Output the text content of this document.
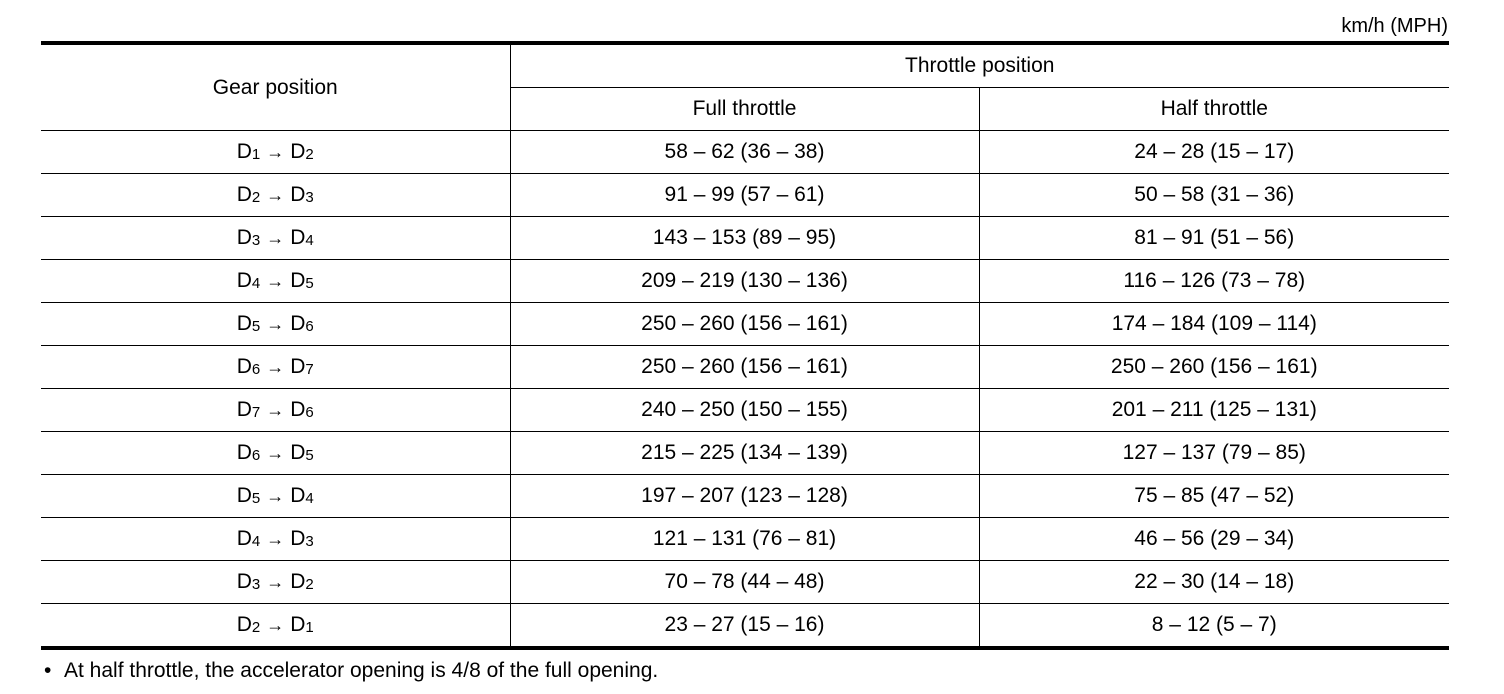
km/h (MPH)
Gear position	Throttle position	
	Full throttle	Half throttle
D1 → D2	58 – 62 (36 – 38)	24 – 28 (15 – 17)
D2 → D3	91 – 99 (57 – 61)	50 – 58 (31 – 36)
D3 → D4	143 – 153 (89 – 95)	81 – 91 (51 – 56)
D4 → D5	209 – 219 (130 – 136)	116 – 126 (73 – 78)
D5 → D6	250 – 260 (156 – 161)	174 – 184 (109 – 114)
D6 → D7	250 – 260 (156 – 161)	250 – 260 (156 – 161)
D7 → D6	240 – 250 (150 – 155)	201 – 211 (125 – 131)
D6 → D5	215 – 225 (134 – 139)	127 – 137 (79 – 85)
D5 → D4	197 – 207 (123 – 128)	75 – 85 (47 – 52)
D4 → D3	121 – 131 (76 – 81)	46 – 56 (29 – 34)
D3 → D2	70 – 78 (44 – 48)	22 – 30 (14 – 18)
D2 → D1	23 – 27 (15 – 16)	8 – 12 (5 – 7)
• At half throttle, the accelerator opening is 4/8 of the full opening.
